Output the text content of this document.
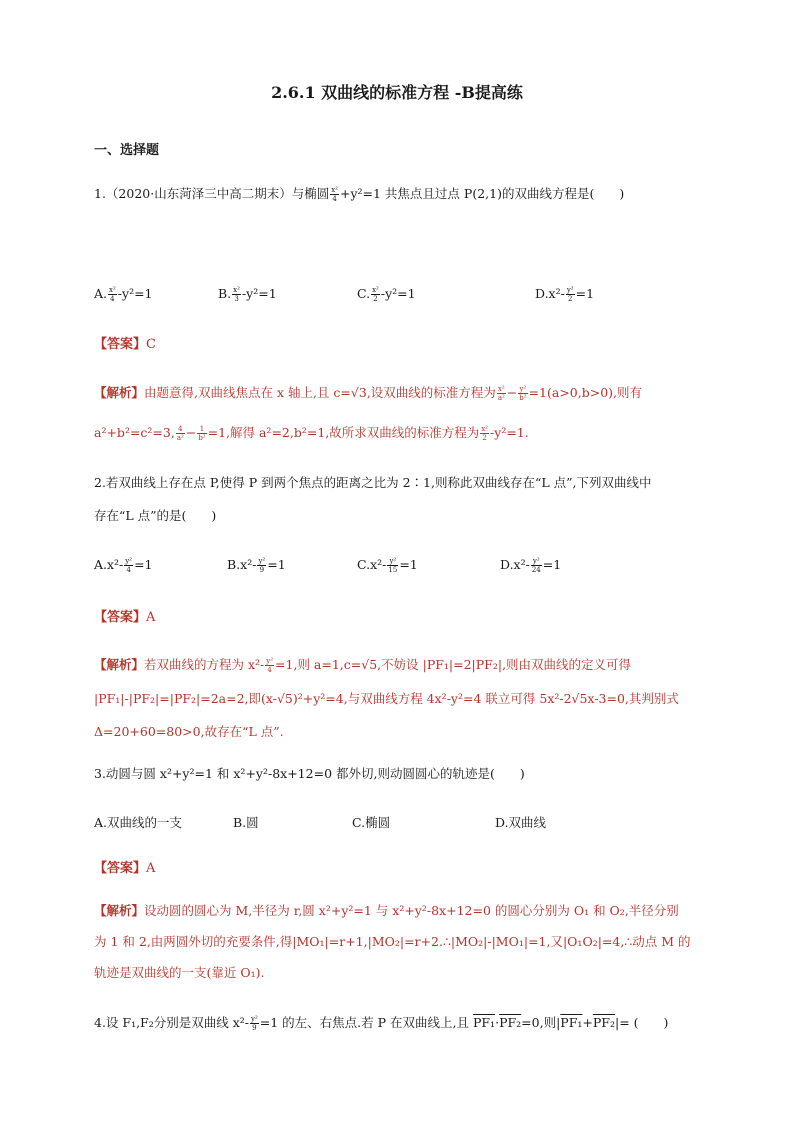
2.6.1 双曲线的标准方程 -B提高练
一、选择题
1.（2020·山东菏泽三中高二期末）与椭圆 $\frac{\text{x²}}{4} +y^2=1$ 共焦点且过点 P(2,1)的双曲线方程是(　　)
A. $\frac{\text{x²}}{4} -y^2=1$	B. $\frac{\text{x²}}{3} -y^2=1$	C. $\frac{\text{x²}}{2} -y^2=1$	$D.x^2- \frac{\text{y²}}{2} =1$
【答案】C
【解析】由题意得,双曲线焦点在 x 轴上,且 c=√3,设双曲线的标准方程为 $\frac{\text{x²}}{\text{a²}} - \frac{\text{y²}}{\text{b²}} =1(a>0,b>0)$,则有
a²+b²=c²=3, $\frac{4}{\text{a²}} - \frac{1}{\text{b²}} =1$,解得 a²=2,b²=1,故所求双曲线的标准方程为 $\frac{\text{x²}}{2} -y^2=1$.
2.若双曲线上存在点 P,使得 P 到两个焦点的距离之比为 2∶1,则称此双曲线存在“L 点”,下列双曲线中
存在“L 点”的是(　　)
$A.x^2- \frac{\text{y²}}{4} =1$	$B.x^2- \frac{\text{y²}}{9} =1$	$C.x^2- \frac{\text{y²}}{15} =1$	$D.x^2- \frac{\text{y²}}{24} =1$
【答案】A
【解析】若双曲线的方程为 $x^2- \frac{\text{y²}}{4} =1$,则 a=1,c=√5,不妨设 |PF₁|=2|PF₂|,则由双曲线的定义可得
|PF₁|-|PF₂|=|PF₂|=2a=2,即(x-√5)²+y²=4,与双曲线方程 4x²-y²=4 联立可得 5x²-2√5x-3=0,其判别式
Δ=20+60=80>0,故存在“L 点”.
3.动圆与圆 x²+y²=1 和 x²+y²-8x+12=0 都外切,则动圆圆心的轨迹是(　　)
A.双曲线的一支	B.圆	C.椭圆	D.双曲线
【答案】A
【解析】设动圆的圆心为 M,半径为 r,圆 x²+y²=1 与 x²+y²-8x+12=0 的圆心分别为 O₁ 和 O₂,半径分别
为 1 和 2,由两圆外切的充要条件,得|MO₁|=r+1,|MO₂|=r+2.∴|MO₂|-|MO₁|=1,又|O₁O₂|=4,∴动点 M 的
轨迹是双曲线的一支(靠近 O₁).
4.设 F₁,F₂分别是双曲线 $x^2- \frac{\text{y²}}{9} =1$ 的左、右焦点.若 P 在双曲线上,且 PF₁·PF₂=0,则|PF₁+PF₂|= (　　)
